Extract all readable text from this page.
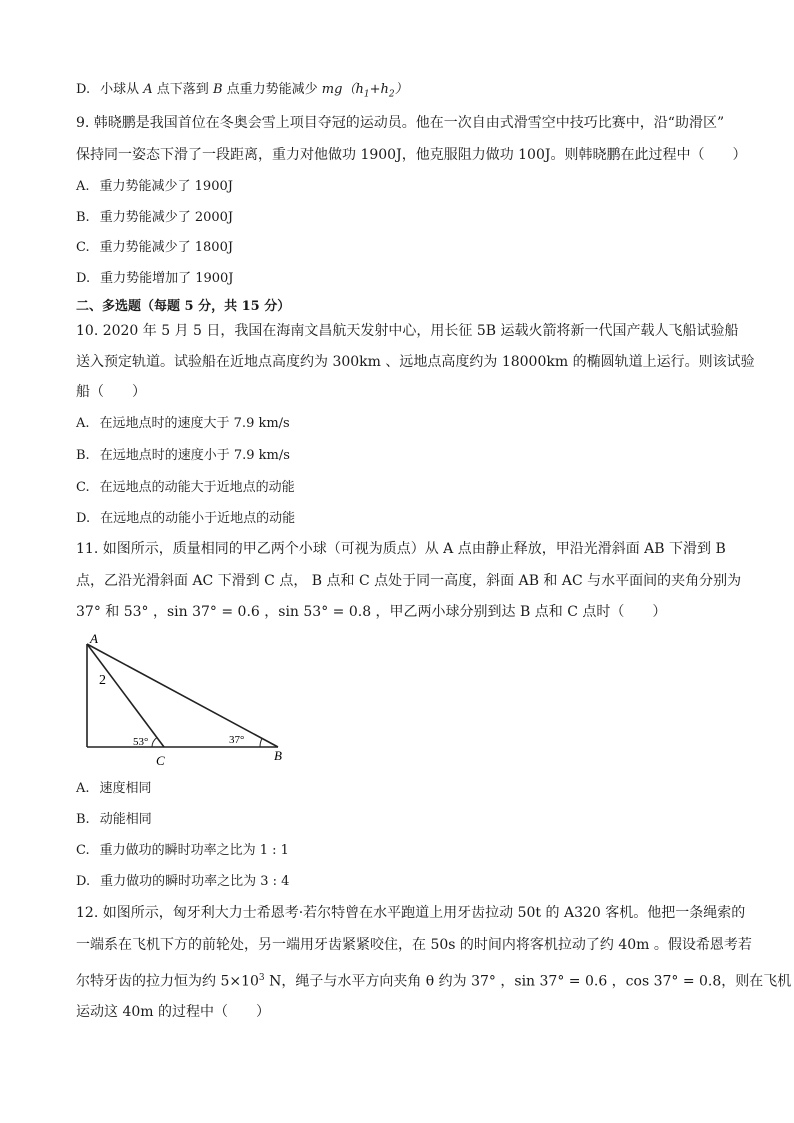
D. 小球从 A 点下落到 B 点重力势能减少 $mg(h_1+h_2)$
9. 韩晓鹏是我国首位在冬奥会雪上项目夺冠的运动员。他在一次自由式滑雪空中技巧比赛中，沿“助滑区”
保持同一姿态下滑了一段距离，重力对他做功 1900J，他克服阻力做功 100J。则韩晓鹏在此过程中（　　）
A. 重力势能减少了 1900J
B. 重力势能减少了 2000J
C. 重力势能减少了 1800J
D. 重力势能增加了 1900J
二、多选题（每题 5 分，共 15 分）
10. 2020 年 5 月 5 日，我国在海南文昌航天发射中心，用长征 5B 运载火箭将新一代国产载人飞船试验船
送入预定轨道。试验船在近地点高度约为 300km 、远地点高度约为 18000km 的椭圆轨道上运行。则该试验
船（　　）
A. 在远地点时的速度大于 7.9 km/s
B. 在远地点时的速度小于 7.9 km/s
C. 在远地点的动能大于近地点的动能
D. 在远地点的动能小于近地点的动能
11. 如图所示，质量相同的甲乙两个小球（可视为质点）从 A 点由静止释放，甲沿光滑斜面 AB 下滑到 B
点，乙沿光滑斜面 AC 下滑到 C 点， B 点和 C 点处于同一高度，斜面 AB 和 AC 与水平面间的夹角分别为
37° 和 53° ，sin 37° = 0.6 ，sin 53° = 0.8 ，甲乙两小球分别到达 B 点和 C 点时（　　）
A
B
C
53°	37°
2
A. 速度相同
B. 动能相同
C. 重力做功的瞬时功率之比为 1 : 1
D. 重力做功的瞬时功率之比为 3 : 4
12. 如图所示，匈牙利大力士希恩考·若尔特曾在水平跑道上用牙齿拉动 50t 的 A320 客机。他把一条绳索的
一端系在飞机下方的前轮处，另一端用牙齿紧紧咬住，在 50s 的时间内将客机拉动了约 40m 。假设希恩考若
尔特牙齿的拉力恒为约 $5\times 10^3$ N，绳子与水平方向夹角 θ 约为 37° ，sin 37° = 0.6 ，cos 37° = 0.8，则在飞机
运动这 40m 的过程中（　　）
